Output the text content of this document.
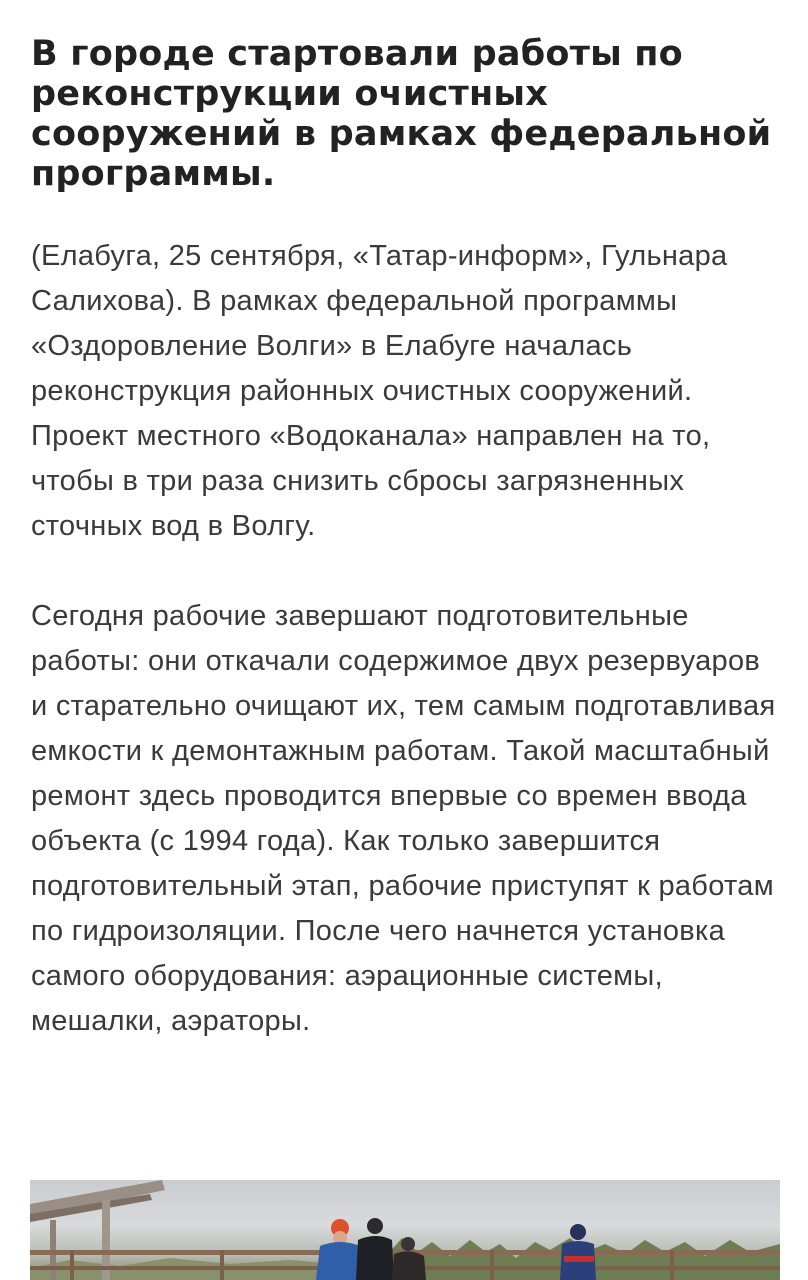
В городе стартовали работы по реконструкции очистных сооружений в рамках федеральной программы.

(Елабуга, 25 сентября, «Татар-информ», Гульнара Салихова). В рамках федеральной программы «Оздоровление Волги» в Елабуге началась реконструкция районных очистных сооружений. Проект местного «Водоканала» направлен на то, чтобы в три раза снизить сбросы загрязненных сточных вод в Волгу.

Сегодня рабочие завершают подготовительные работы: они откачали содержимое двух резервуаров и старательно очищают их, тем самым подготавливая емкости к демонтажным работам. Такой масштабный ремонт здесь проводится впервые со времен ввода объекта (с 1994 года). Как только завершится подготовительный этап, рабочие приступят к работам по гидроизоляции. После чего начнется установка самого оборудования: аэрационные системы, мешалки, аэраторы.
